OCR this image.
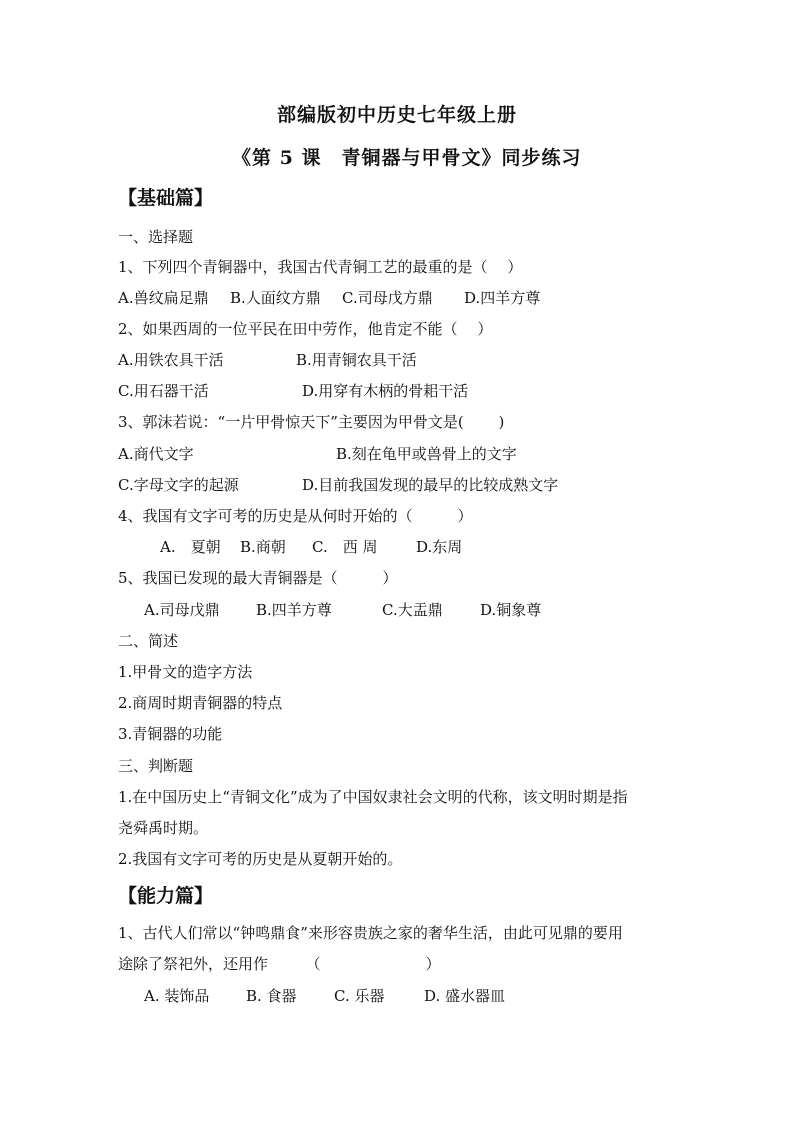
部编版初中历史七年级上册
《第 5 课　青铜器与甲骨文》同步练习
【基础篇】
一、选择题
1、下列四个青铜器中，我国古代青铜工艺的最重的是（　 ）
A.兽纹扁足鼎 B.人面纹方鼎 C.司母戊方鼎 D.四羊方尊
2、如果西周的一位平民在田中劳作，他肯定不能（　 ）
A.用铁农具干活	B.用青铜农具干活
C.用石器干活	D.用穿有木柄的骨耜干活
3、郭沫若说：“一片甲骨惊天下”主要因为甲骨文是(　　 )
A.商代文字	B.刻在龟甲或兽骨上的文字
C.字母文字的起源	D.目前我国发现的最早的比较成熟文字
4、我国有文字可考的历史是从何时开始的（　　　）
A.　夏朝 B.商朝 C.　西 周	D.东周
5、我国已发现的最大青铜器是（　　　）
A.司母戊鼎 B.四羊方尊	C.大盂鼎 D.铜象尊
二、简述
1.甲骨文的造字方法
2.商周时期青铜器的特点
3.青铜器的功能
三、判断题
1.在中国历史上“青铜文化”成为了中国奴隶社会文明的代称，该文明时期是指
尧舜禹时期。
2.我国有文字可考的历史是从夏朝开始的。
【能力篇】
1、古代人们常以“钟鸣鼎食”来形容贵族之家的奢华生活，由此可见鼎的要用
途除了祭祀外，还用作　　　（　　　　　　　）
A. 装饰品 B. 食器 C. 乐器	D. 盛水器皿
